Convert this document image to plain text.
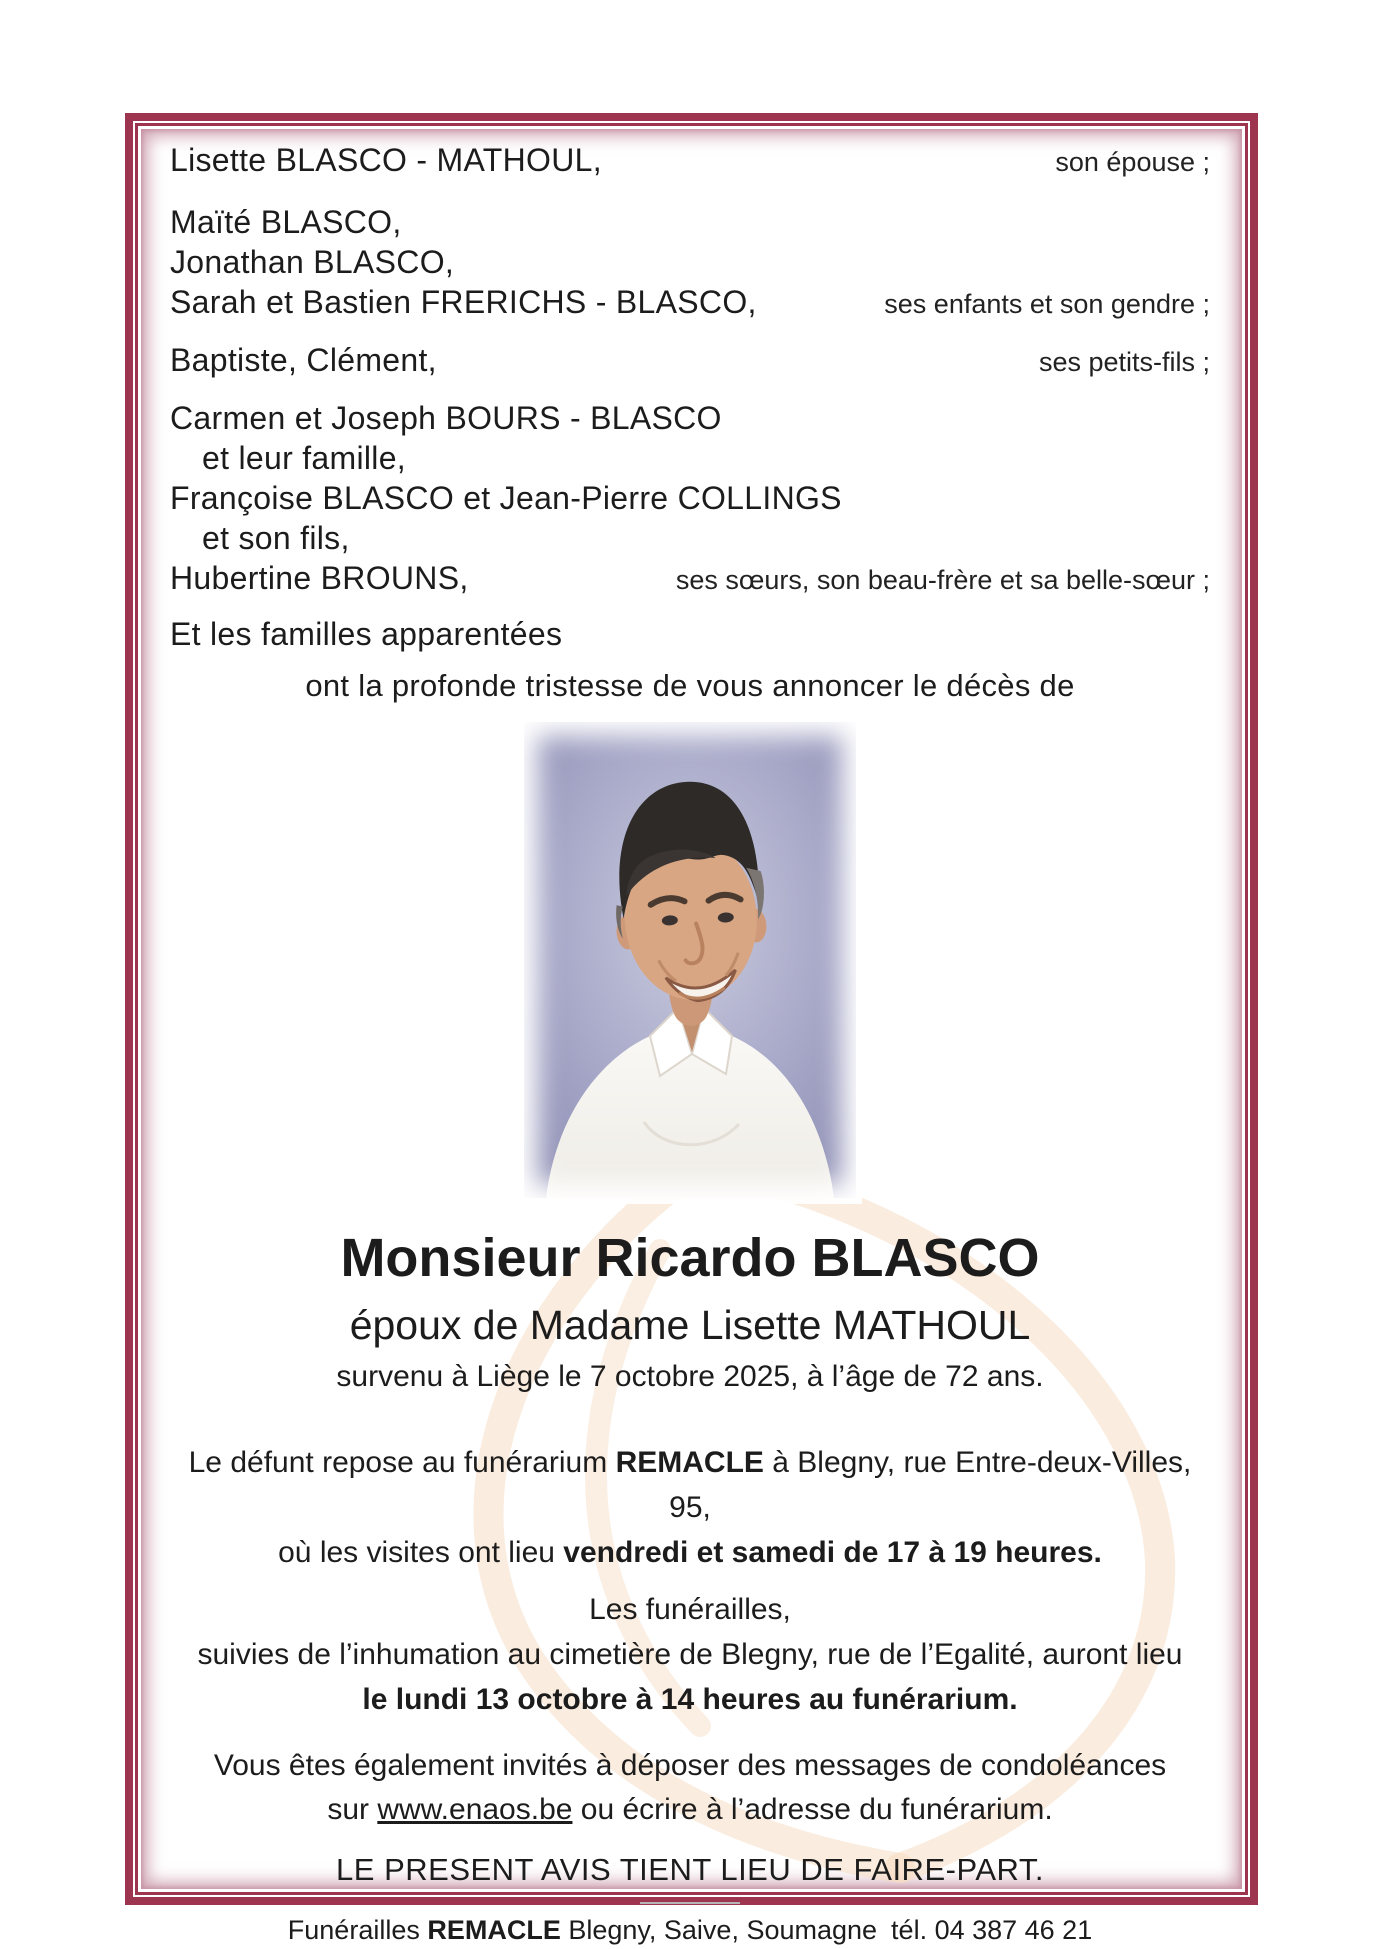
Lisette BLASCO - MATHOUL,	son épouse ;
Maïté BLASCO,
Jonathan BLASCO,
Sarah et Bastien FRERICHS - BLASCO,	ses enfants et son gendre ;
Baptiste, Clément,	ses petits-fils ;
Carmen et Joseph BOURS - BLASCO
et leur famille,
Françoise BLASCO et Jean-Pierre COLLINGS
et son fils,
Hubertine BROUNS,	ses sœurs, son beau-frère et sa belle-sœur ;
Et les familles apparentées
ont la profonde tristesse de vous annoncer le décès de
Monsieur Ricardo BLASCO
époux de Madame Lisette MATHOUL
survenu à Liège le 7 octobre 2025, à l’âge de 72 ans.
Le défunt repose au funérarium REMACLE à Blegny, rue Entre-deux-Villes, 95,
où les visites ont lieu vendredi et samedi de 17 à 19 heures.
Les funérailles,
suivies de l’inhumation au cimetière de Blegny, rue de l’Egalité, auront lieu
le lundi 13 octobre à 14 heures au funérarium.
Vous êtes également invités à déposer des messages de condoléances
sur www.enaos.be ou écrire à l’adresse du funérarium.
LE PRESENT AVIS TIENT LIEU DE FAIRE-PART.
Funérailles REMACLE Blegny, Saive, Soumagne tél. 04 387 46 21
